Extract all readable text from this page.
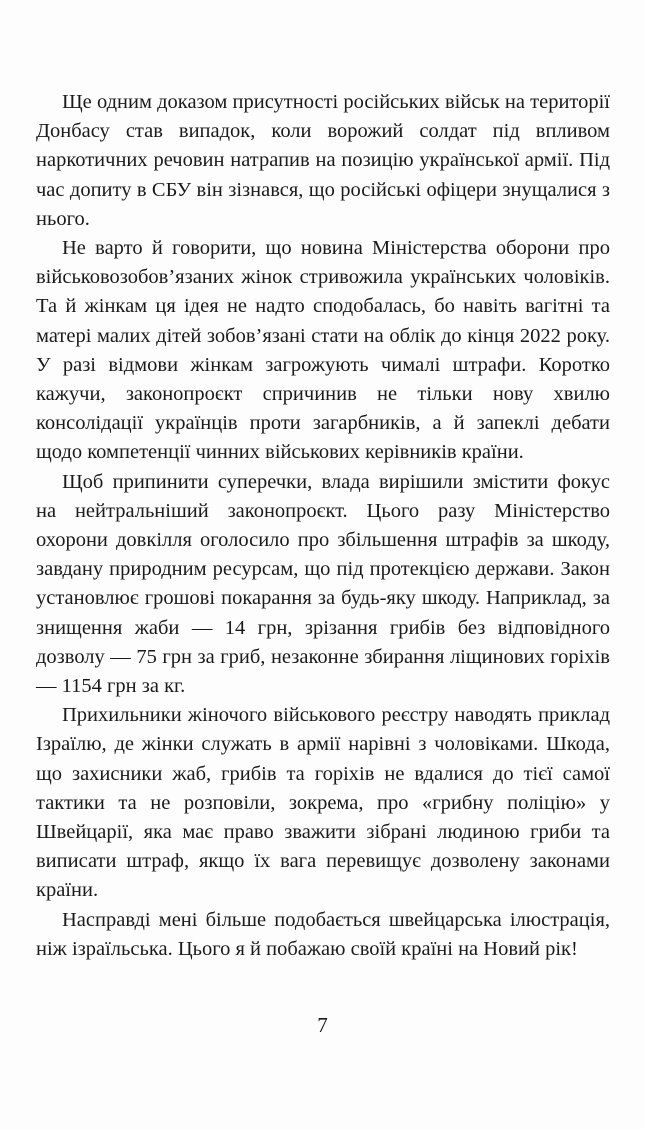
Ще одним доказом присутності російських військ на території Донбасу став випадок, коли ворожий солдат під впливом наркотичних речовин натрапив на позицію української армії. Під час допиту в СБУ він зізнався, що російські офіцери знущалися з нього.

Не варто й говорити, що новина Міністерства оборони про військовозобов’язаних жінок стривожила українських чоловіків. Та й жінкам ця ідея не надто сподобалась, бо навіть вагітні та матері малих дітей зобов’язані стати на облік до кінця 2022 року. У разі відмови жінкам загрожують чималі штрафи. Коротко кажучи, законопроєкт спричинив не тільки нову хвилю консолідації українців проти загарбників, а й запеклі дебати щодо компетенції чинних військових керівників країни.

Щоб припинити суперечки, влада вирішили змістити фокус на нейтральніший законопроєкт. Цього разу Міністерство охорони довкілля оголосило про збільшення штрафів за шкоду, завдану природним ресурсам, що під протекцією держави. Закон установлює грошові покарання за будь-яку шкоду. Наприклад, за знищення жаби — 14 грн, зрізання грибів без відповідного дозволу — 75 грн за гриб, незаконне збирання ліщинових горіхів — 1154 грн за кг.

Прихильники жіночого військового реєстру наводять приклад Ізраїлю, де жінки служать в армії нарівні з чоловіками. Шкода, що захисники жаб, грибів та горіхів не вдалися до тієї самої тактики та не розповіли, зокрема, про «грибну поліцію» у Швейцарії, яка має право зважити зібрані людиною гриби та виписати штраф, якщо їх вага перевищує дозволену законами країни.

Насправді мені більше подобається швейцарська ілюстрація, ніж ізраїльська. Цього я й побажаю своїй країні на Новий рік!

7
